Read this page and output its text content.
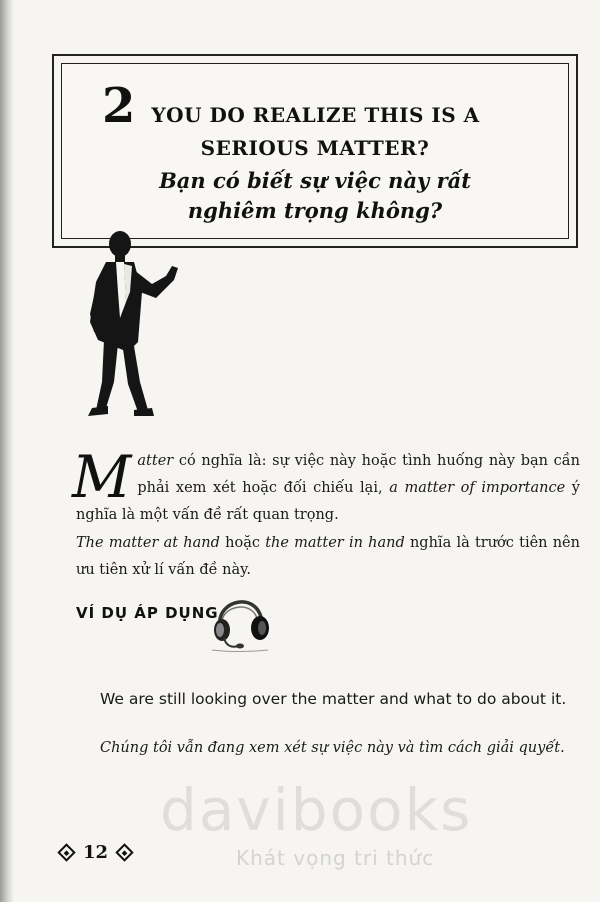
2 YOU DO REALIZE THIS IS A
SERIOUS MATTER?
Bạn có biết sự việc này rất
nghiêm trọng không?
Matter có nghĩa là: sự việc này hoặc tình huống này bạn cần phải xem xét hoặc đối chiếu lại, a matter of importance ý nghĩa là một vấn đề rất quan trọng.
The matter at hand hoặc the matter in hand nghĩa là trước tiên nên ưu tiên xử lí vấn đề này.
VÍ DỤ ÁP DỤNG
We are still looking over the matter and what to do about it.
Chúng tôi vẫn đang xem xét sự việc này và tìm cách giải quyết.
davibooks
Khát vọng tri thức
12
